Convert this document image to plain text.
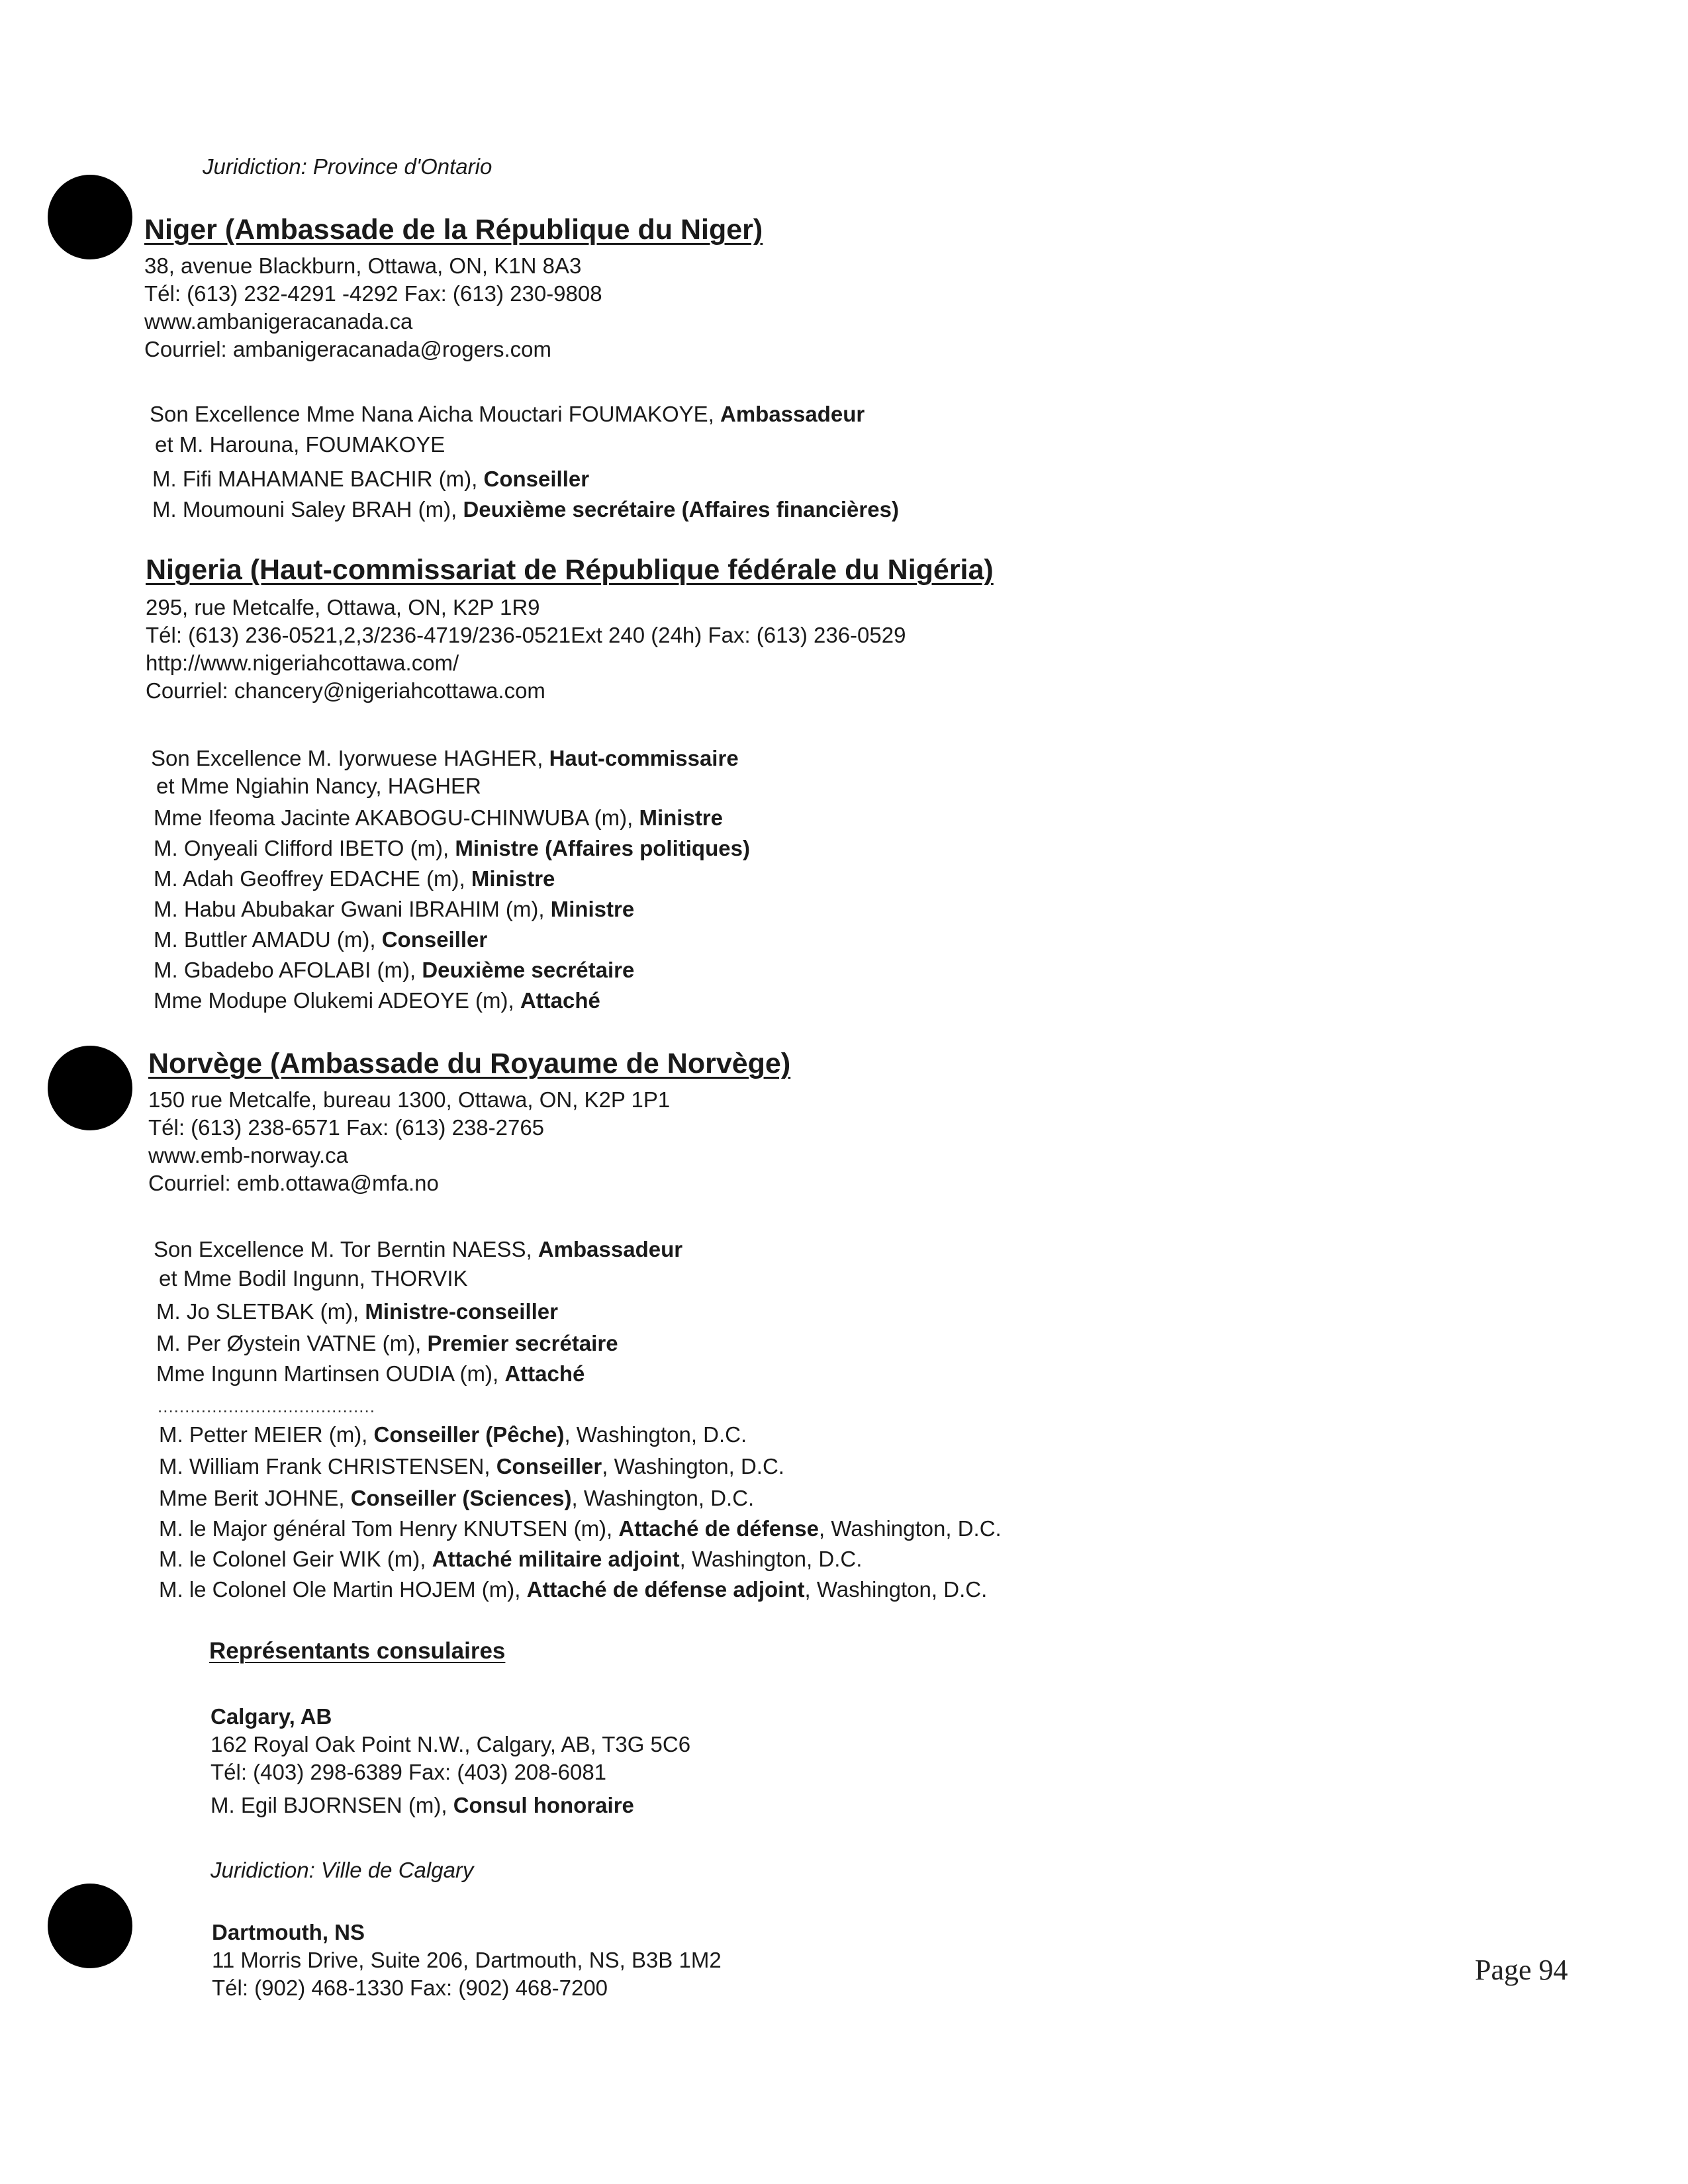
Juridiction: Province d'Ontario
Niger (Ambassade de la République du Niger)
38, avenue Blackburn, Ottawa, ON, K1N 8A3
Tél: (613) 232-4291 -4292 Fax: (613) 230-9808
www.ambanigeracanada.ca
Courriel: ambanigeracanada@rogers.com
Son Excellence Mme Nana Aicha Mouctari FOUMAKOYE, Ambassadeur
et M. Harouna, FOUMAKOYE
M. Fifi MAHAMANE BACHIR (m), Conseiller
M. Moumouni Saley BRAH (m), Deuxième secrétaire (Affaires financières)
Nigeria (Haut-commissariat de République fédérale du Nigéria)
295, rue Metcalfe, Ottawa, ON, K2P 1R9
Tél: (613) 236-0521,2,3/236-4719/236-0521Ext 240 (24h) Fax: (613) 236-0529
http://www.nigeriahcottawa.com/
Courriel: chancery@nigeriahcottawa.com
Son Excellence M. Iyorwuese HAGHER, Haut-commissaire
et Mme Ngiahin Nancy, HAGHER
Mme Ifeoma Jacinte AKABOGU-CHINWUBA (m), Ministre
M. Onyeali Clifford IBETO (m), Ministre (Affaires politiques)
M. Adah Geoffrey EDACHE (m), Ministre
M. Habu Abubakar Gwani IBRAHIM (m), Ministre
M. Buttler AMADU (m), Conseiller
M. Gbadebo AFOLABI (m), Deuxième secrétaire
Mme Modupe Olukemi ADEOYE (m), Attaché
Norvège (Ambassade du Royaume de Norvège)
150 rue Metcalfe, bureau 1300, Ottawa, ON, K2P 1P1
Tél: (613) 238-6571 Fax: (613) 238-2765
www.emb-norway.ca
Courriel: emb.ottawa@mfa.no
Son Excellence M. Tor Berntin NAESS, Ambassadeur
et Mme Bodil Ingunn, THORVIK
M. Jo SLETBAK (m), Ministre-conseiller
M. Per Øystein VATNE (m), Premier secrétaire
Mme Ingunn Martinsen OUDIA (m), Attaché
........................................
M. Petter MEIER (m), Conseiller (Pêche), Washington, D.C.
M. William Frank CHRISTENSEN, Conseiller, Washington, D.C.
Mme Berit JOHNE, Conseiller (Sciences), Washington, D.C.
M. le Major général Tom Henry KNUTSEN (m), Attaché de défense, Washington, D.C.
M. le Colonel Geir WIK (m), Attaché militaire adjoint, Washington, D.C.
M. le Colonel Ole Martin HOJEM (m), Attaché de défense adjoint, Washington, D.C.
Représentants consulaires
Calgary, AB
162 Royal Oak Point N.W., Calgary, AB, T3G 5C6
Tél: (403) 298-6389 Fax: (403) 208-6081
M. Egil BJORNSEN (m), Consul honoraire
Juridiction: Ville de Calgary
Dartmouth, NS
11 Morris Drive, Suite 206, Dartmouth, NS, B3B 1M2
Tél: (902) 468-1330 Fax: (902) 468-7200
Page 94
